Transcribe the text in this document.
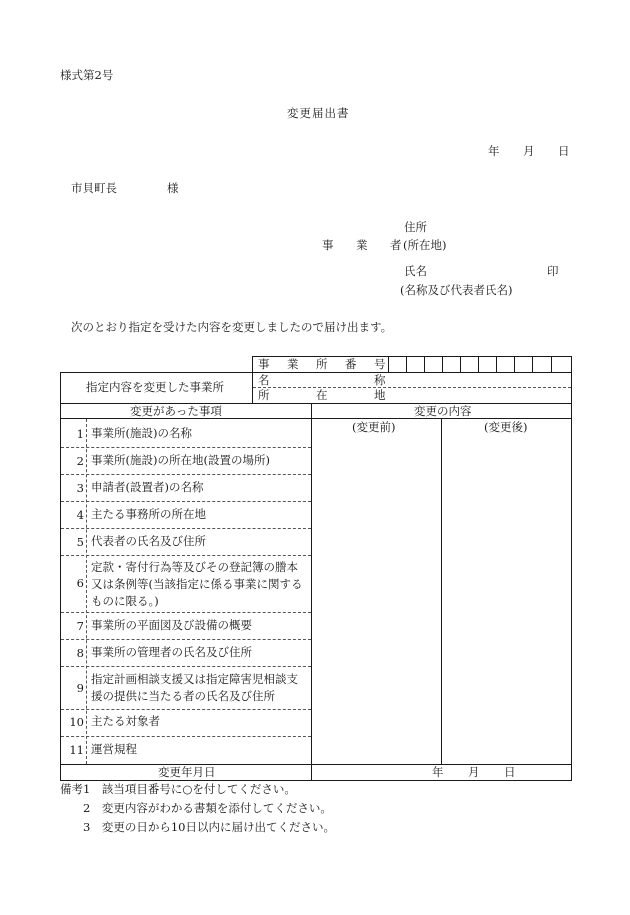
様式第2号
変更届出書
年 月 日
市貝町長	様
住所
事 業 者 (所在地)
氏名	印
(名称及び代表者氏名)
次のとおり指定を受けた内容を変更しましたので届け出ます。
事 業 所 番 号
指定内容を変更した事業所	名	称
所	在	地
変更があった事項	変更の内容
(変更前)	(変更後)
1 事業所(施設)の名称
2 事業所(施設)の所在地(設置の場所)
3 申請者(設置者)の名称
4 主たる事務所の所在地
5 代表者の氏名及び住所
6
定款・寄付行為等及びその登記簿の謄本又は条例等(当該指定に係る事業に関するものに限る。)
7 事業所の平面図及び設備の概要
8 事業所の管理者の氏名及び住所
9
指定計画相談支援又は指定障害児相談支援の提供に当たる者の氏名及び住所
10 主たる対象者
11 運営規程
変更年月日	年 月 日
備考1　該当項目番号に○を付してください。
　　2　変更内容がわかる書類を添付してください。
　　3　変更の日から10日以内に届け出てください。
